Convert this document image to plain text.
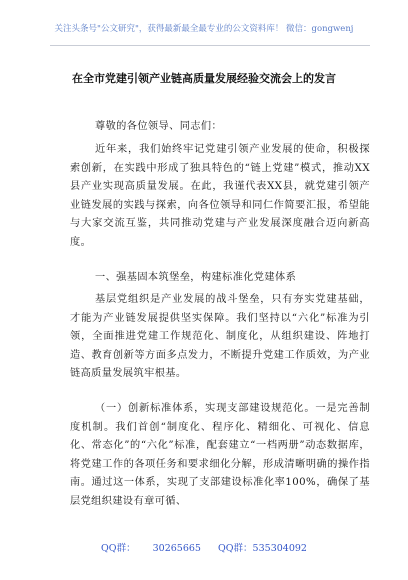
关注头条号"公文研究"，获得最新最全最专业的公文资料库！ 微信：gongwenj
在全市党建引领产业链高质量发展经验交流会上的发言
尊敬的各位领导、同志们：
近年来，我们始终牢记党建引领产业发展的使命，积极探索创新，在实践中形成了独具特色的“链上党建”模式，推动XX县产业实现高质量发展。在此，我谨代表XX县，就党建引领产业链发展的实践与探索，向各位领导和同仁作简要汇报，希望能与大家交流互鉴，共同推动党建与产业发展深度融合迈向新高度。
一、强基固本筑堡垒，构建标准化党建体系
基层党组织是产业发展的战斗堡垒，只有夯实党建基础，才能为产业链发展提供坚实保障。我们坚持以“六化”标准为引领，全面推进党建工作规范化、制度化，从组织建设、阵地打造、教育创新等方面多点发力，不断提升党建工作质效，为产业链高质量发展筑牢根基。
（一）创新标准体系，实现支部建设规范化。一是完善制度机制。我们首创“制度化、程序化、精细化、可视化、信息化、常态化”的“六化”标准，配套建立“一档两册”动态数据库，将党建工作的各项任务和要求细化分解，形成清晰明确的操作指南。通过这一体系，实现了支部建设标准化率100%，确保了基层党组织建设有章可循、
QQ群： 30265665 QQ群：535304092
